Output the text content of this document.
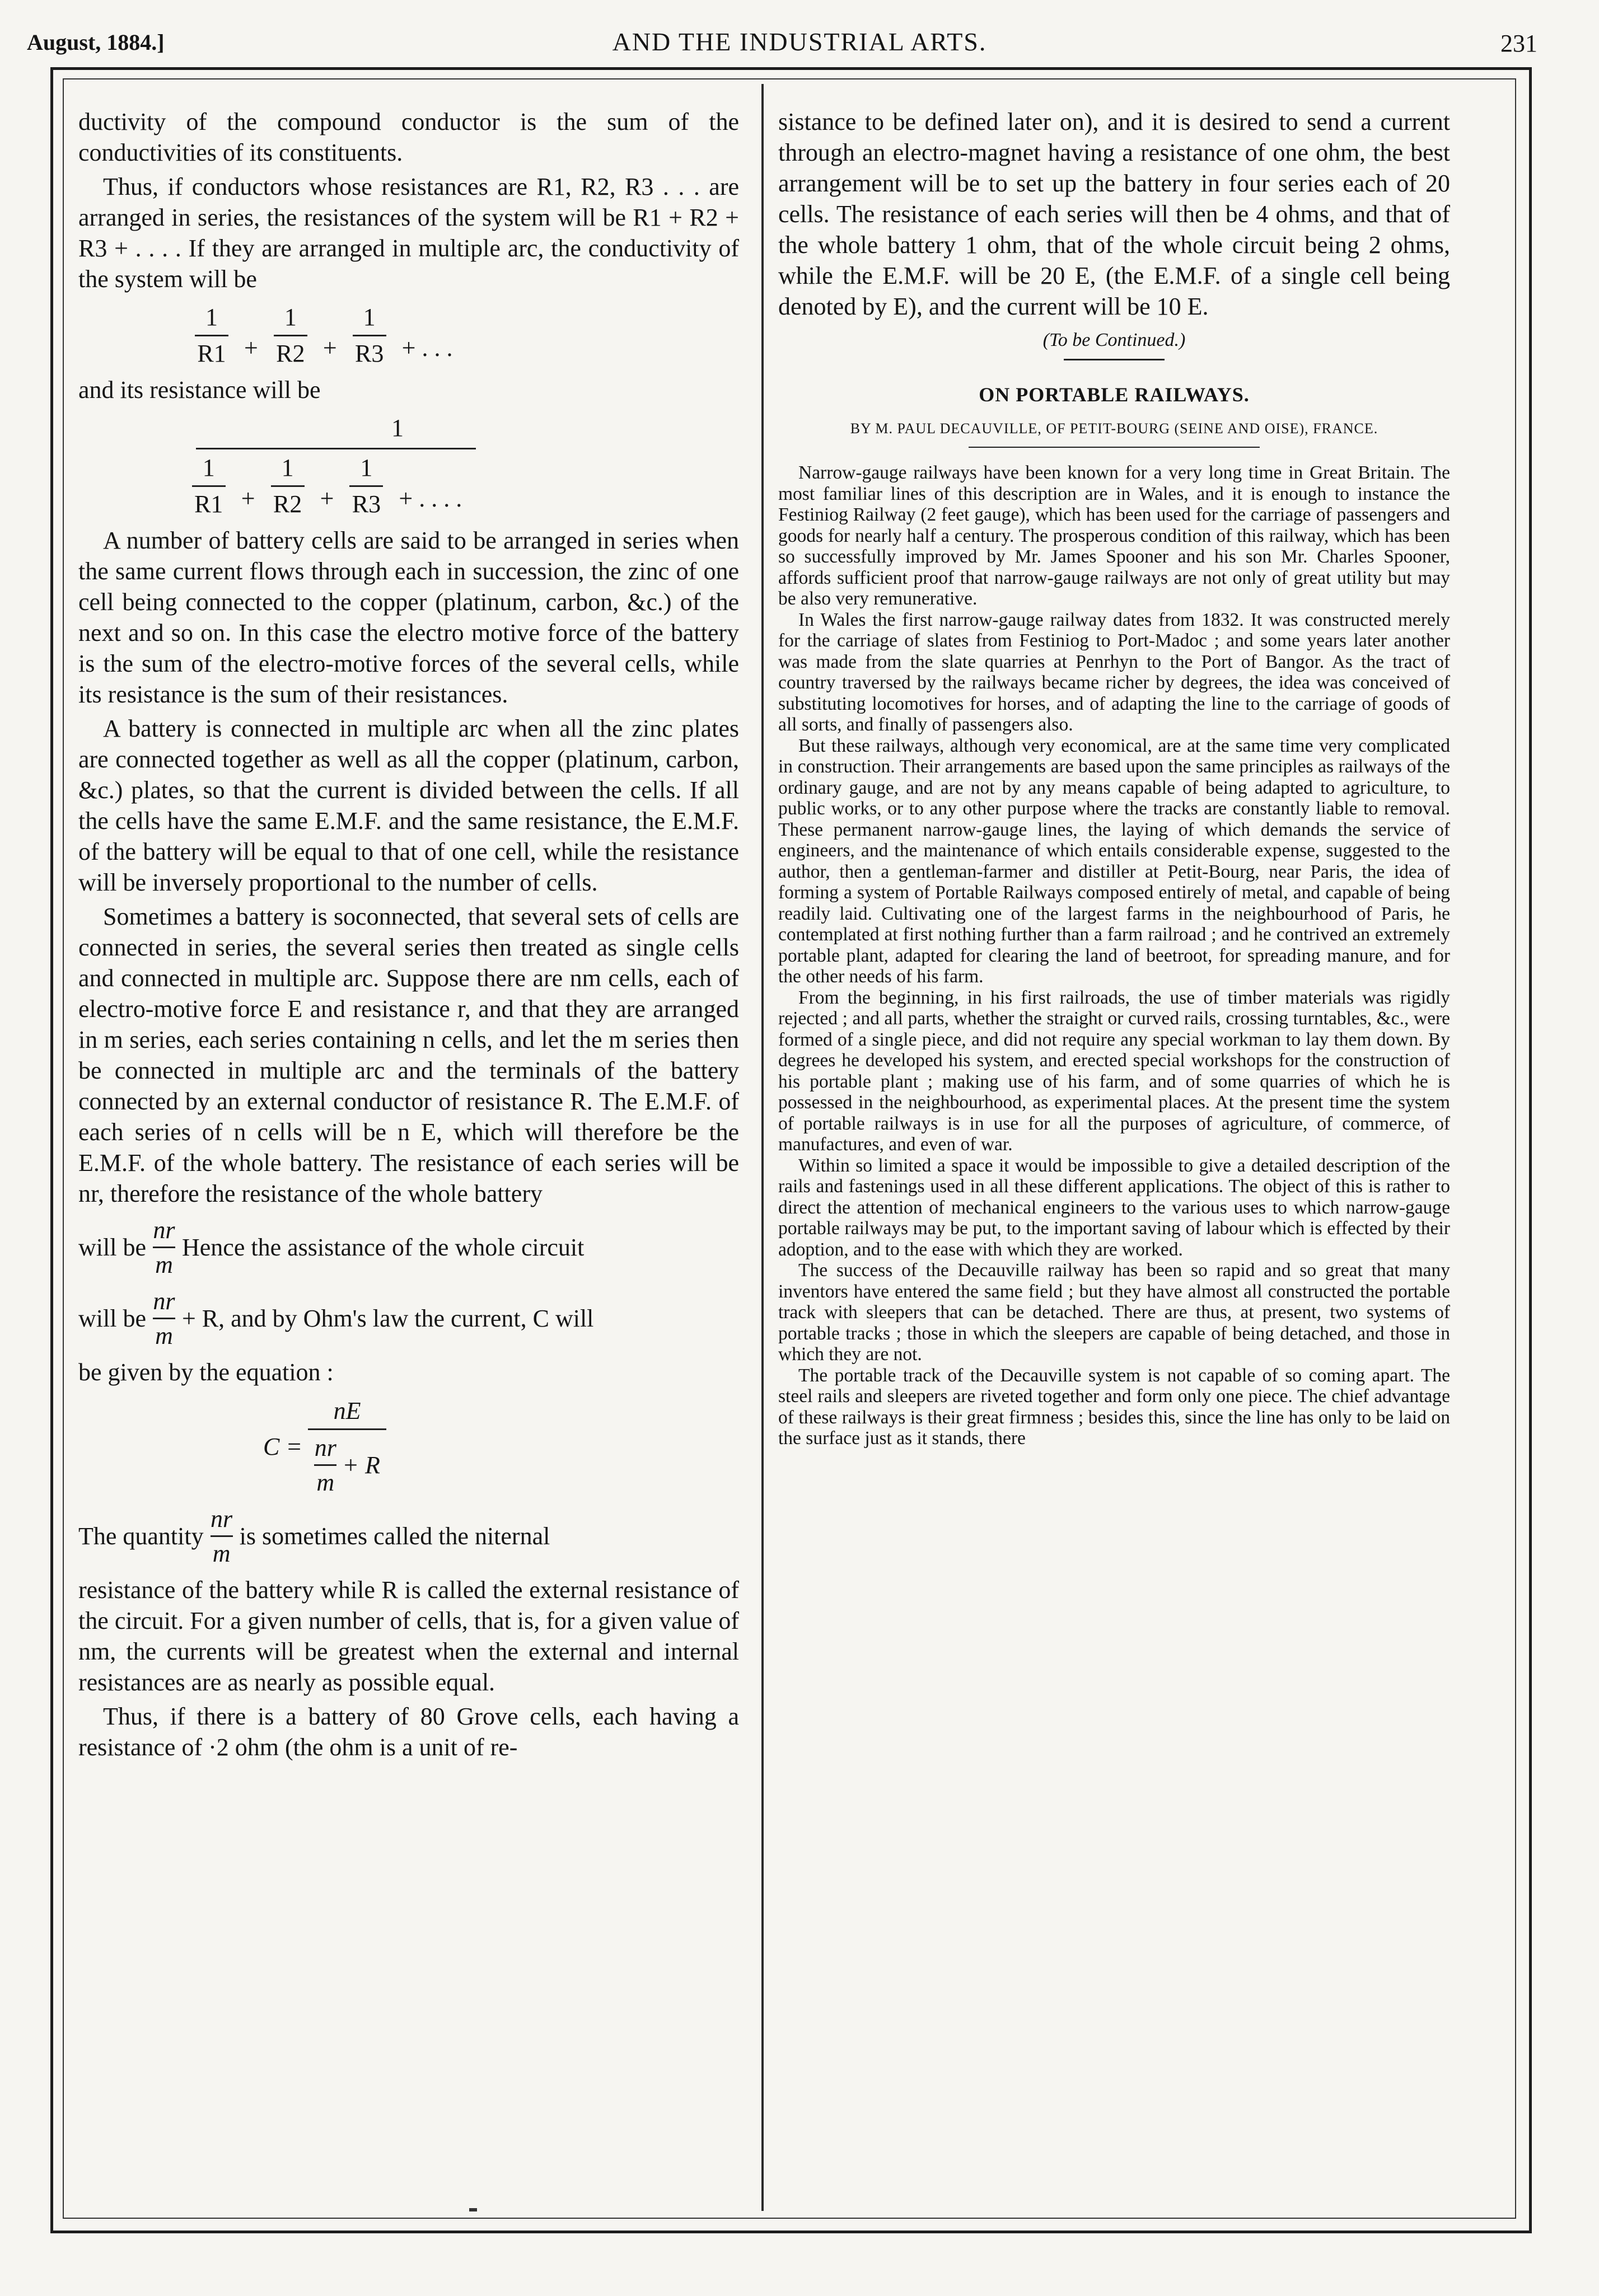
August, 1884.]	AND THE INDUSTRIAL ARTS.	231

ductivity of the compound conductor is the sum of the conductivities of its constituents.

Thus, if conductors whose resistances are R1, R2, R3 . . . are arranged in series, the resistances of the system will be R1 + R2 + R3 + . . . . If they are arranged in multiple arc, the conductivity of the system will be

$\frac{1}{R1} + \frac{1}{R2} + \frac{1}{R3}$ + . . .

and its resistance will be

1
$\frac{1}{R1} + \frac{1}{R2} + \frac{1}{R3}$ + . . . .

A number of battery cells are said to be arranged in series when the same current flows through each in succession, the zinc of one cell being connected to the copper (platinum, carbon, &c.) of the next and so on. In this case the electro motive force of the battery is the sum of the electro-motive forces of the several cells, while its resistance is the sum of their resistances.

A battery is connected in multiple arc when all the zinc plates are connected together as well as all the copper (platinum, carbon, &c.) plates, so that the current is divided between the cells. If all the cells have the same E.M.F. and the same resistance, the E.M.F. of the battery will be equal to that of one cell, while the resistance will be inversely proportional to the number of cells.

Sometimes a battery is soconnected, that several sets of cells are connected in series, the several series then treated as single cells and connected in multiple arc. Suppose there are nm cells, each of electro-motive force E and resistance r, and that they are arranged in m series, each series containing n cells, and let the m series then be connected in multiple arc and the terminals of the battery connected by an external conductor of resistance R. The E.M.F. of each series of n cells will be n E, which will therefore be the E.M.F. of the whole battery. The resistance of each series will be nr, therefore the resistance of the whole battery

will be
nr
m
Hence the assistance of the whole circuit
will be
nr
m
+ R, and by Ohm's law the current, C will

be given by the equation :

C =
nE
nr
m
+ R
The quantity
nr
m
is sometimes called the niternal

resistance of the battery while R is called the external resistance of the circuit. For a given number of cells, that is, for a given value of nm, the currents will be greatest when the external and internal resistances are as nearly as possible equal.

Thus, if there is a battery of 80 Grove cells, each having a resistance of ·2 ohm (the ohm is a unit of re-

sistance to be defined later on), and it is desired to send a current through an electro-magnet having a resistance of one ohm, the best arrangement will be to set up the battery in four series each of 20 cells. The resistance of each series will then be 4 ohms, and that of the whole battery 1 ohm, that of the whole circuit being 2 ohms, while the E.M.F. will be 20 E, (the E.M.F. of a single cell being denoted by E), and the current will be 10 E.
(To be Continued.)
ON PORTABLE RAILWAYS.
BY M. PAUL DECAUVILLE, OF PETIT-BOURG (SEINE AND OISE), FRANCE.

Narrow-gauge railways have been known for a very long time in Great Britain. The most familiar lines of this description are in Wales, and it is enough to instance the Festiniog Railway (2 feet gauge), which has been used for the carriage of passengers and goods for nearly half a century. The prosperous condition of this railway, which has been so successfully improved by Mr. James Spooner and his son Mr. Charles Spooner, affords sufficient proof that narrow-gauge railways are not only of great utility but may be also very remunerative.

In Wales the first narrow-gauge railway dates from 1832. It was constructed merely for the carriage of slates from Festiniog to Port-Madoc ; and some years later another was made from the slate quarries at Penrhyn to the Port of Bangor. As the tract of country traversed by the railways became richer by degrees, the idea was conceived of substituting locomotives for horses, and of adapting the line to the carriage of goods of all sorts, and finally of passengers also.

But these railways, although very economical, are at the same time very complicated in construction. Their arrangements are based upon the same principles as railways of the ordinary gauge, and are not by any means capable of being adapted to agriculture, to public works, or to any other purpose where the tracks are constantly liable to removal. These permanent narrow-gauge lines, the laying of which demands the service of engineers, and the maintenance of which entails considerable expense, suggested to the author, then a gentleman-farmer and distiller at Petit-Bourg, near Paris, the idea of forming a system of Portable Railways composed entirely of metal, and capable of being readily laid. Cultivating one of the largest farms in the neighbourhood of Paris, he contemplated at first nothing further than a farm railroad ; and he contrived an extremely portable plant, adapted for clearing the land of beetroot, for spreading manure, and for the other needs of his farm.

From the beginning, in his first railroads, the use of timber materials was rigidly rejected ; and all parts, whether the straight or curved rails, crossing turntables, &c., were formed of a single piece, and did not require any special workman to lay them down. By degrees he developed his system, and erected special workshops for the construction of his portable plant ; making use of his farm, and of some quarries of which he is possessed in the neighbourhood, as experimental places. At the present time the system of portable railways is in use for all the purposes of agriculture, of commerce, of manufactures, and even of war.

Within so limited a space it would be impossible to give a detailed description of the rails and fastenings used in all these different applications. The object of this is rather to direct the attention of mechanical engineers to the various uses to which narrow-gauge portable railways may be put, to the important saving of labour which is effected by their adoption, and to the ease with which they are worked.

The success of the Decauville railway has been so rapid and so great that many inventors have entered the same field ; but they have almost all constructed the portable track with sleepers that can be detached. There are thus, at present, two systems of portable tracks ; those in which the sleepers are capable of being detached, and those in which they are not.

The portable track of the Decauville system is not capable of so coming apart. The steel rails and sleepers are riveted together and form only one piece. The chief advantage of these railways is their great firmness ; besides this, since the line has only to be laid on the surface just as it stands, there
